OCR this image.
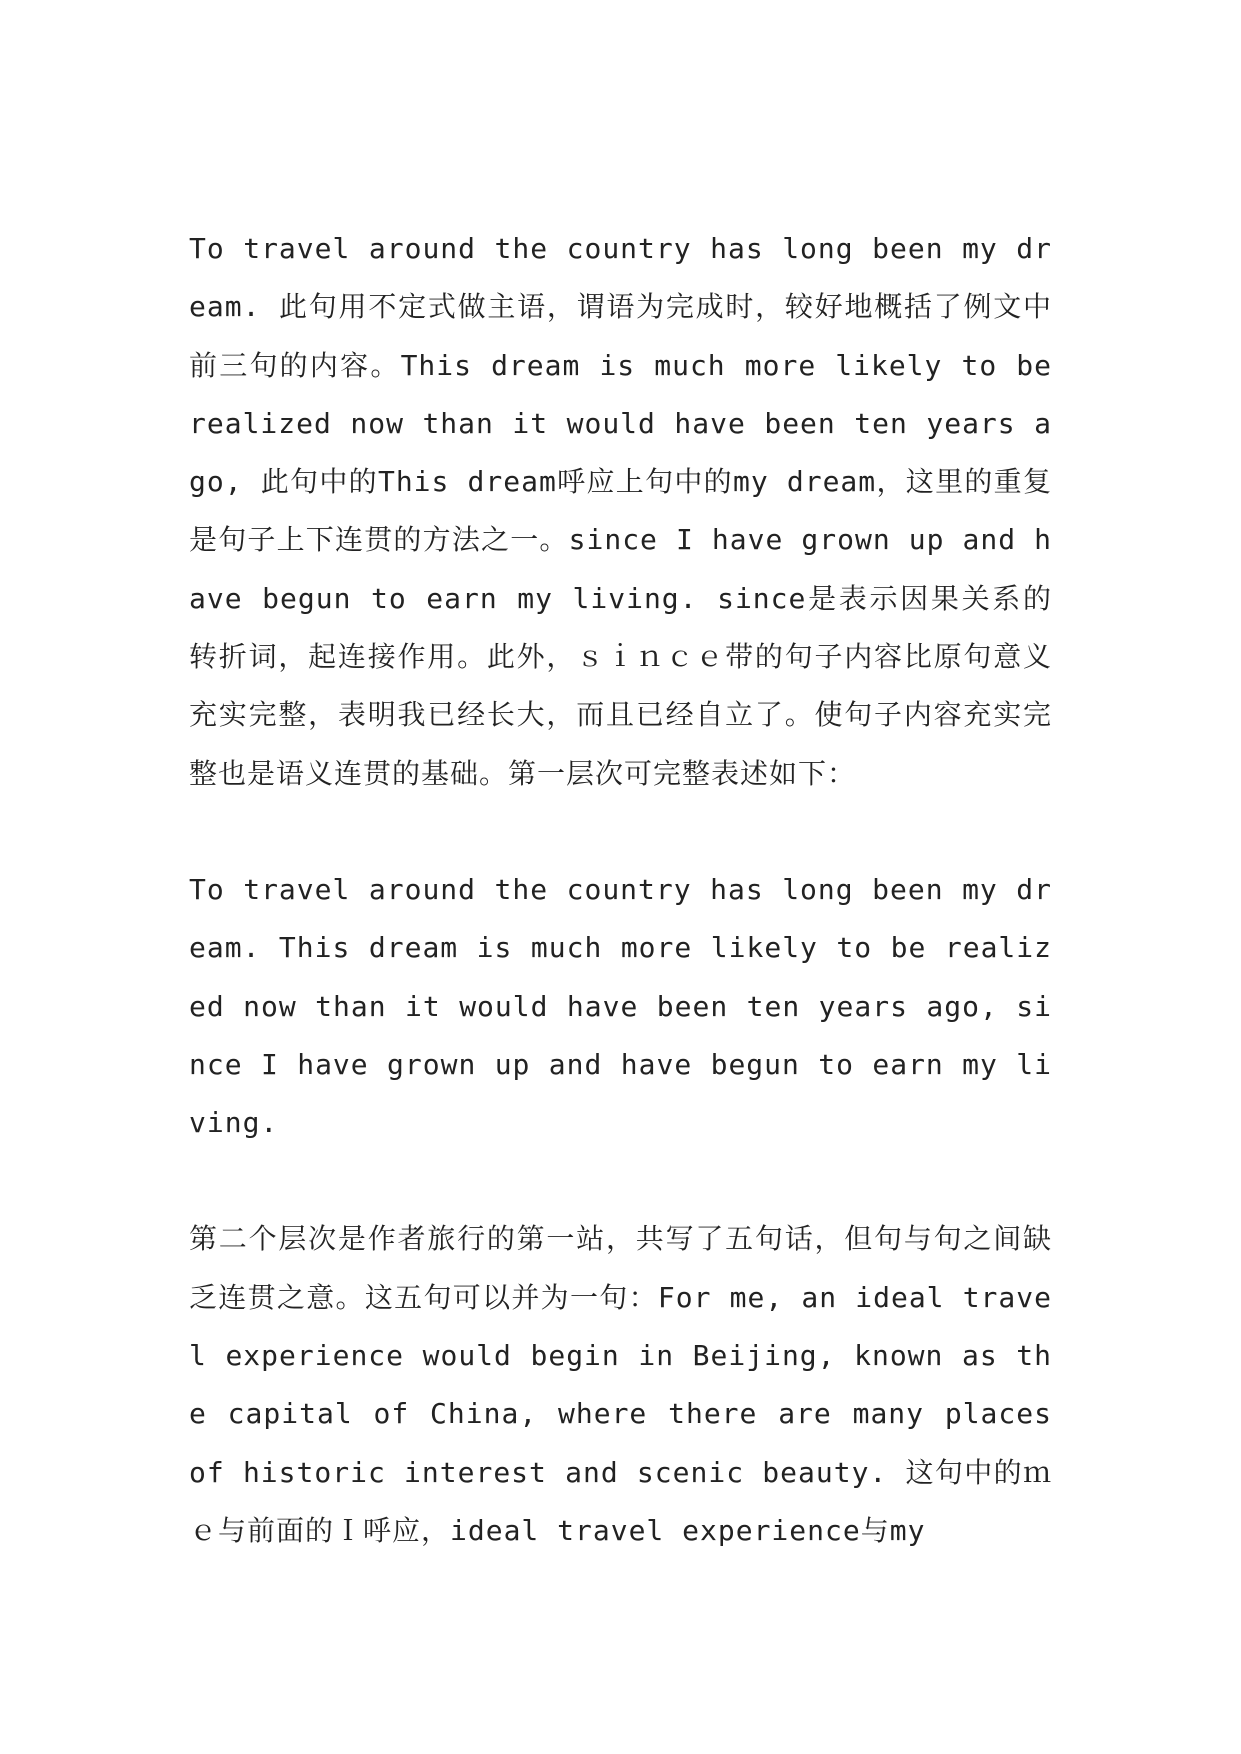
To travel around the country has long been my dream. 此句用不定式做主语，谓语为完成时，较好地概括了例文中前三句的内容。This dream is much more likely to be realized now than it would have been ten years ago, 此句中的This dream呼应上句中的my dream，这里的重复是句子上下连贯的方法之一。since I have grown up and have begun to earn my living. since是表示因果关系的转折词，起连接作用。此外，ｓｉｎｃｅ带的句子内容比原句意义充实完整，表明我已经长大，而且已经自立了。使句子内容充实完整也是语义连贯的基础。第一层次可完整表述如下：

To travel around the country has long been my dream. This dream is much more likely to be realized now than it would have been ten years ago, since I have grown up and have begun to earn my living.

第二个层次是作者旅行的第一站，共写了五句话，但句与句之间缺乏连贯之意。这五句可以并为一句：For me, an ideal travel experience would begin in Beijing, known as the capital of China, where there are many places of historic interest and scenic beauty. 这句中的ｍｅ与前面的Ｉ呼应，ideal travel experience与my
